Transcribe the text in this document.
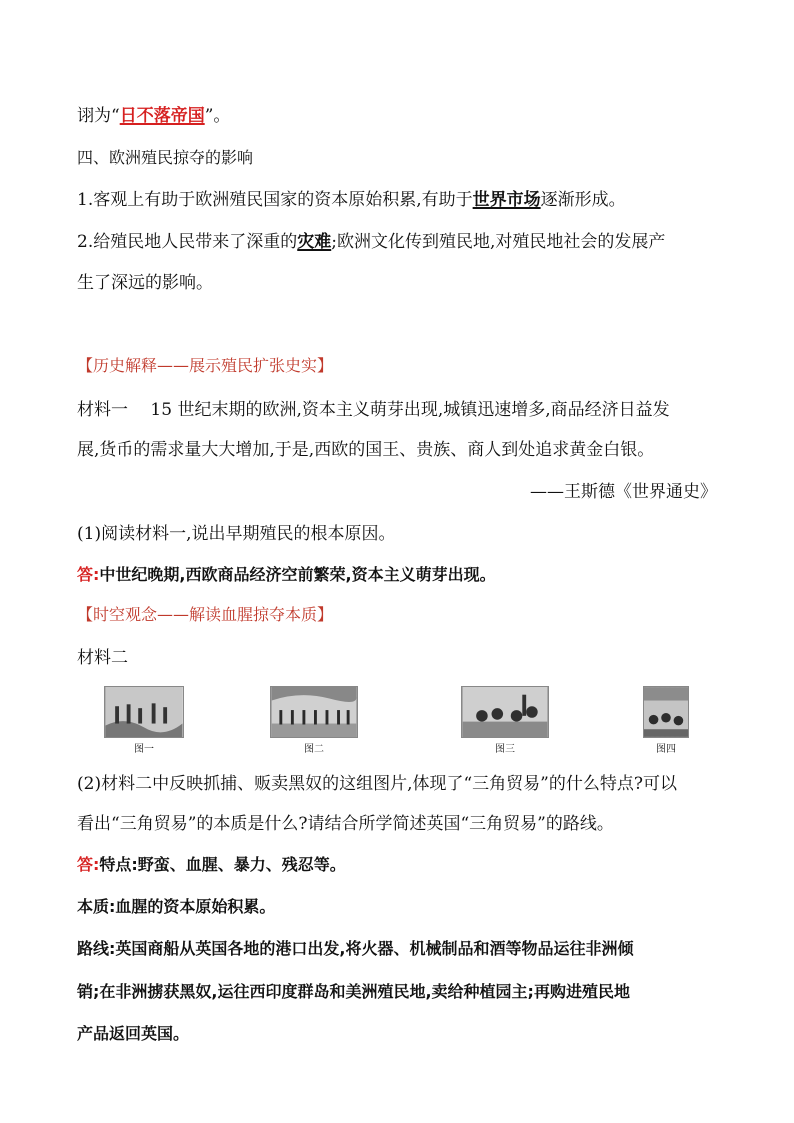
诩为“日不落帝国”。
四、欧洲殖民掠夺的影响
1.客观上有助于欧洲殖民国家的资本原始积累,有助于世界市场逐渐形成。
2.给殖民地人民带来了深重的灾难;欧洲文化传到殖民地,对殖民地社会的发展产
生了深远的影响。
【历史解释——展示殖民扩张史实】
材料一　 15 世纪末期的欧洲,资本主义萌芽出现,城镇迅速增多,商品经济日益发
展,货币的需求量大大增加,于是,西欧的国王、贵族、商人到处追求黄金白银。
——王斯德《世界通史》
(1)阅读材料一,说出早期殖民的根本原因。
答:中世纪晚期,西欧商品经济空前繁荣,资本主义萌芽出现。
【时空观念——解读血腥掠夺本质】
材料二
图一	图二	图三	图四
(2)材料二中反映抓捕、贩卖黑奴的这组图片,体现了“三角贸易”的什么特点?可以
看出“三角贸易”的本质是什么?请结合所学简述英国“三角贸易”的路线。
答:特点:野蛮、血腥、暴力、残忍等。
本质:血腥的资本原始积累。
路线:英国商船从英国各地的港口出发,将火器、机械制品和酒等物品运往非洲倾
销;在非洲掳获黑奴,运往西印度群岛和美洲殖民地,卖给种植园主;再购进殖民地
产品返回英国。
